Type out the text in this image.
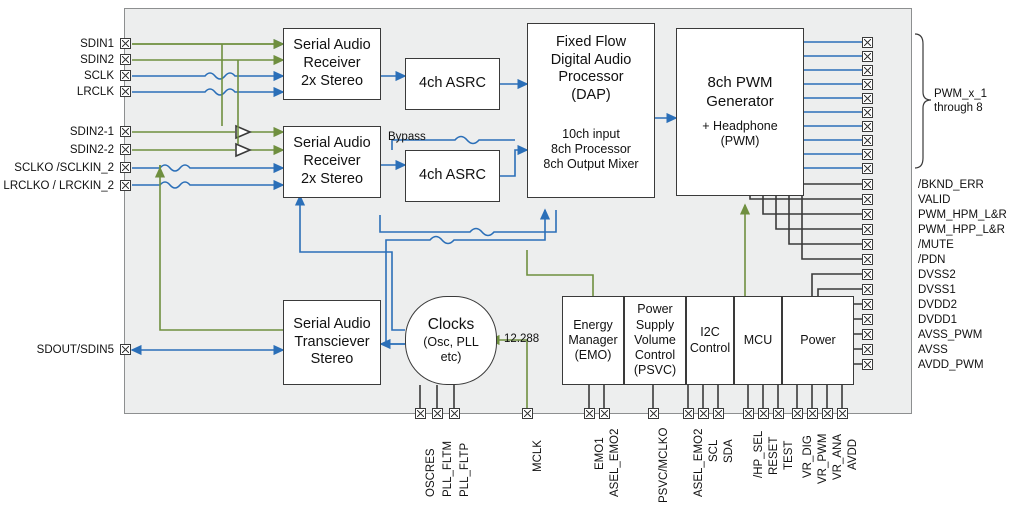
Serial Audio
Receiver
2x Stereo
Serial Audio
Receiver
2x Stereo
4ch ASRC
4ch ASRC
Fixed Flow
Digital Audio
Processor
(DAP)
10ch input
8ch Processor
8ch Output Mixer
8ch PWM
Generator
+ Headphone
(PWM)
Serial Audio
Transciever
Stereo
Clocks
(Osc, PLL
etc)
Energy
Manager
(EMO)
Power
Supply
Volume
Control
(PSVC)
I2C
Control
MCU Power
Bypass
12.288
PWM_x_1
through 8
SDIN1
SDIN2
SCLK
LRCLK
SDIN2-1
SDIN2-2
SCLKO /SCLKIN_2
LRCLKO / LRCKIN_2
SDOUT/SDIN5
/BKND_ERR
VALID
PWM_HPM_L&R
PWM_HPP_L&R
/MUTE
/PDN
DVSS2
DVSS1
DVDD2
DVDD1
AVSS_PWM
AVSS
AVDD_PWM
OSCRES PLL_FLTM PLL_FLTP	MCLK	EMO1 ASEL_EMO2	PSVC/MCLKO ASEL_EMO2 SCL SDA /HP_SEL RESET TEST VR_DIG VR_PWM VR_ANA AVDD
